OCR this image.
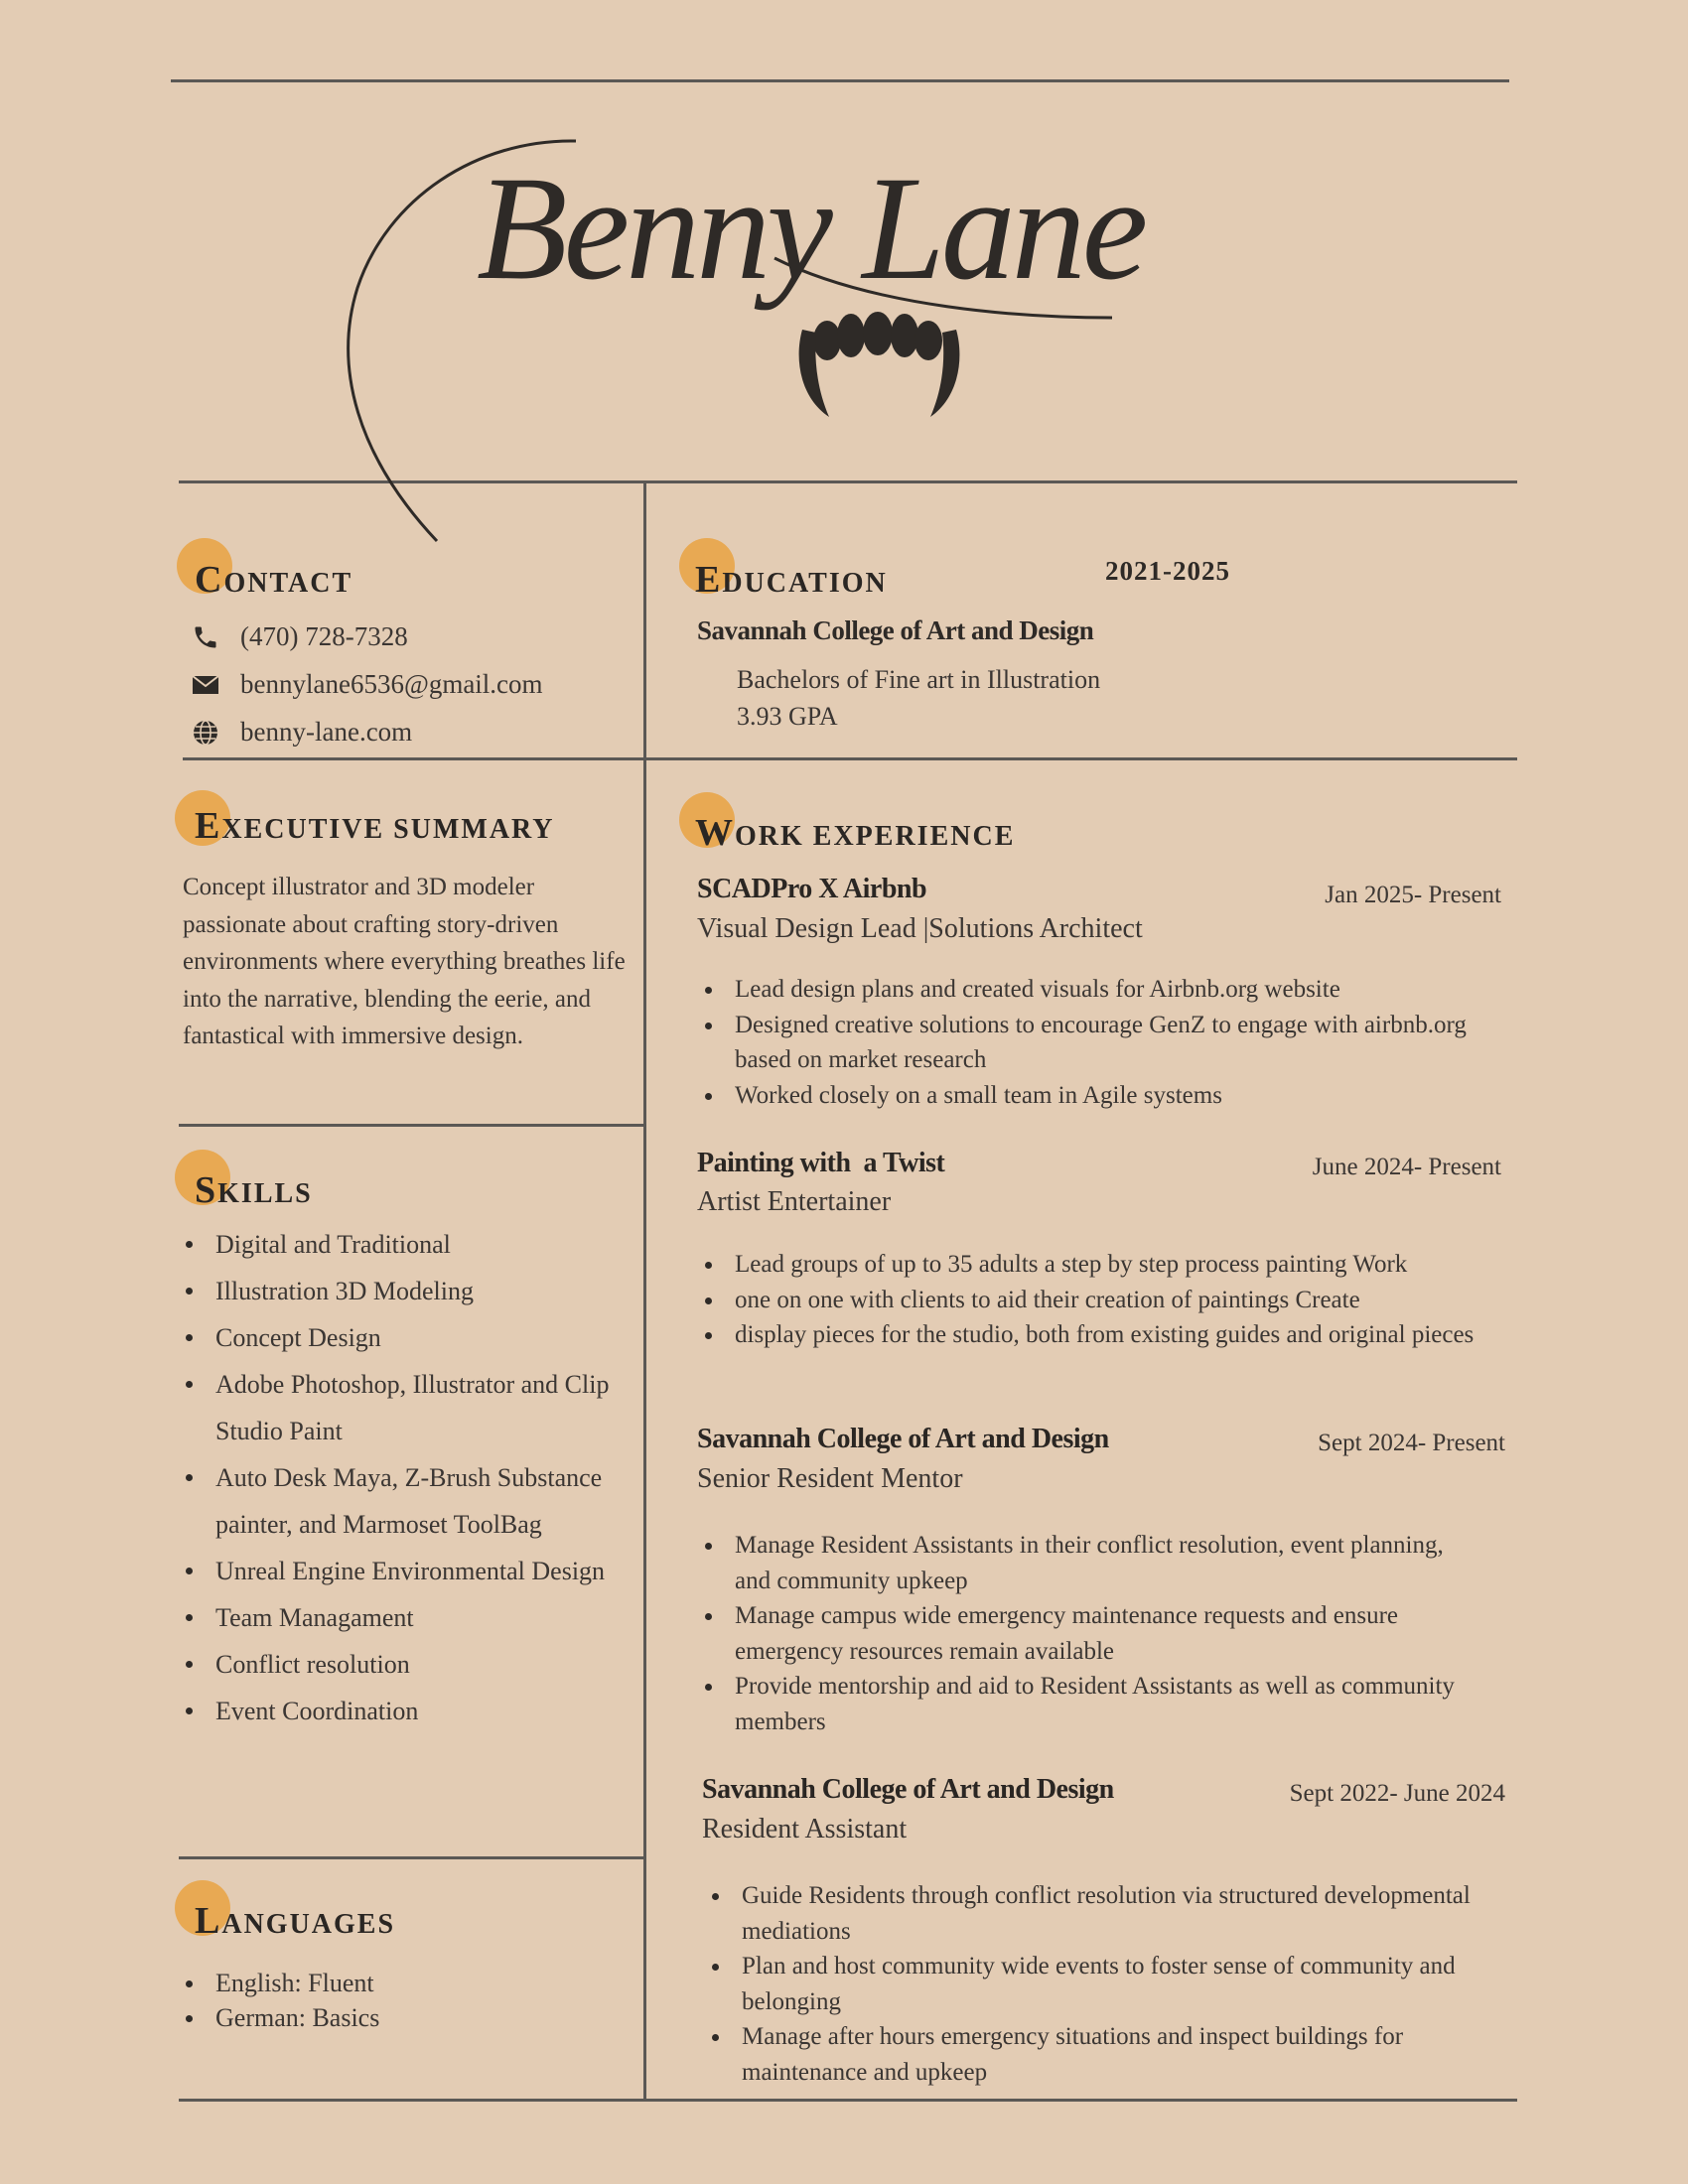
Benny Lane
CONTACT
(470) 728-7328
bennylane6536@gmail.com
benny-lane.com
EXECUTIVE SUMMARY
Concept illustrator and 3D modeler passionate about crafting story-driven environments where everything breathes life into the narrative, blending the eerie, and fantastical with immersive design.
SKILLS
Digital and Traditional
Illustration 3D Modeling
Concept Design
Adobe Photoshop, Illustrator and Clip Studio Paint
Auto Desk Maya, Z-Brush Substance painter, and Marmoset ToolBag
Unreal Engine Environmental Design
Team Managament
Conflict resolution
Event Coordination
LANGUAGES
English: Fluent
German: Basics
EDUCATION	2021-2025
Savannah College of Art and Design
Bachelors of Fine art in Illustration
3.93 GPA
WORK EXPERIENCE
SCADPro X Airbnb	Jan 2025- Present
Visual Design Lead |Solutions Architect
Lead design plans and created visuals for Airbnb.org website
Designed creative solutions to encourage GenZ to engage with airbnb.org based on market research
Worked closely on a small team in Agile systems
Painting with  a Twist	June 2024- Present
Artist Entertainer
Lead groups of up to 35 adults a step by step process painting Work
one on one with clients to aid their creation of paintings Create
display pieces for the studio, both from existing guides and original pieces
Savannah College of Art and Design	Sept 2024- Present
Senior Resident Mentor
Manage Resident Assistants in their conflict resolution, event planning, and community upkeep
Manage campus wide emergency maintenance requests and ensure emergency resources remain available
Provide mentorship and aid to Resident Assistants as well as community members
Savannah College of Art and Design	Sept 2022- June 2024
Resident Assistant
Guide Residents through conflict resolution via structured developmental mediations
Plan and host community wide events to foster sense of community and belonging
Manage after hours emergency situations and inspect buildings for maintenance and upkeep
